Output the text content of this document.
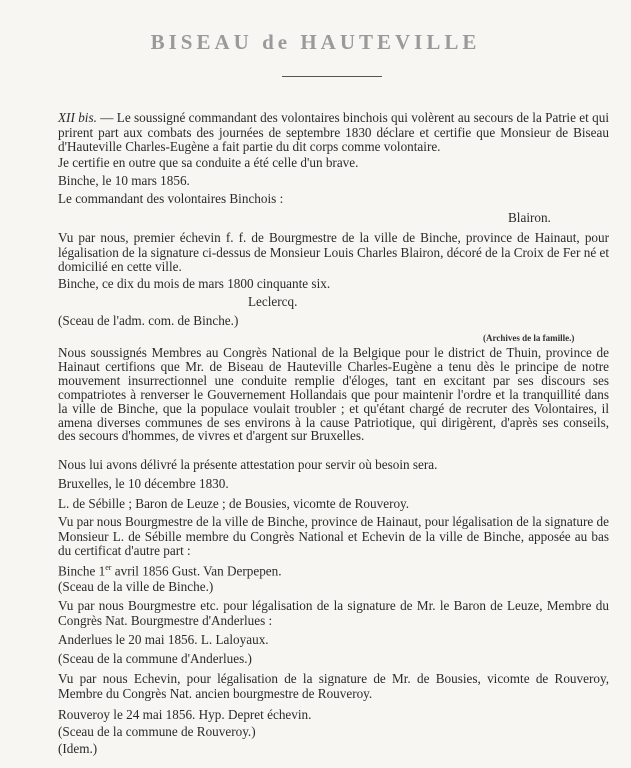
BISEAU de HAUTEVILLE
XII bis. — Le soussigné commandant des volontaires binchois qui volèrent au secours de la Patrie et qui prirent part aux combats des journées de septembre 1830 déclare et certifie que Monsieur de Biseau d'Hauteville Charles-Eugène a fait partie du dit corps comme volontaire.
Je certifie en outre que sa conduite a été celle d'un brave.
Binche, le 10 mars 1856.
Le commandant des volontaires Binchois :
Blairon.
Vu par nous, premier échevin f. f. de Bourgmestre de la ville de Binche, province de Hainaut, pour légalisation de la signature ci-dessus de Monsieur Louis Charles Blairon, décoré de la Croix de Fer né et domicilié en cette ville.
Binche, ce dix du mois de mars 1800 cinquante six.
Leclercq.
(Sceau de l'adm. com. de Binche.)
(Archives de la famille.)
Nous soussignés Membres au Congrès National de la Belgique pour le district de Thuin, province de Hainaut certifions que Mr. de Biseau de Hauteville Charles-Eugène a tenu dès le principe de notre mouvement insurrectionnel une conduite remplie d'éloges, tant en excitant par ses discours ses compatriotes à renverser le Gouvernement Hollandais que pour maintenir l'ordre et la tranquillité dans la ville de Binche, que la populace voulait troubler ; et qu'étant chargé de recruter des Volontaires, il amena diverses communes de ses environs à la cause Patriotique, qui dirigèrent, d'après ses conseils, des secours d'hommes, de vivres et d'argent sur Bruxelles.
Nous lui avons délivré la présente attestation pour servir où besoin sera.
Bruxelles, le 10 décembre 1830.
L. de Sébille ; Baron de Leuze ; de Bousies, vicomte de Rouveroy.
Vu par nous Bourgmestre de la ville de Binche, province de Hainaut, pour légalisation de la signature de Monsieur L. de Sébille membre du Congrès National et Echevin de la ville de Binche, apposée au bas du certificat d'autre part :
Binche 1er avril 1856 Gust. Van Derpepen.
(Sceau de la ville de Binche.)
Vu par nous Bourgmestre etc. pour légalisation de la signature de Mr. le Baron de Leuze, Membre du Congrès Nat. Bourgmestre d'Anderlues :
Anderlues le 20 mai 1856. L. Laloyaux.
(Sceau de la commune d'Anderlues.)
Vu par nous Echevin, pour légalisation de la signature de Mr. de Bousies, vicomte de Rouveroy, Membre du Congrès Nat. ancien bourgmestre de Rouveroy.
Rouveroy le 24 mai 1856. Hyp. Depret échevin.
(Sceau de la commune de Rouveroy.)
(Idem.)
